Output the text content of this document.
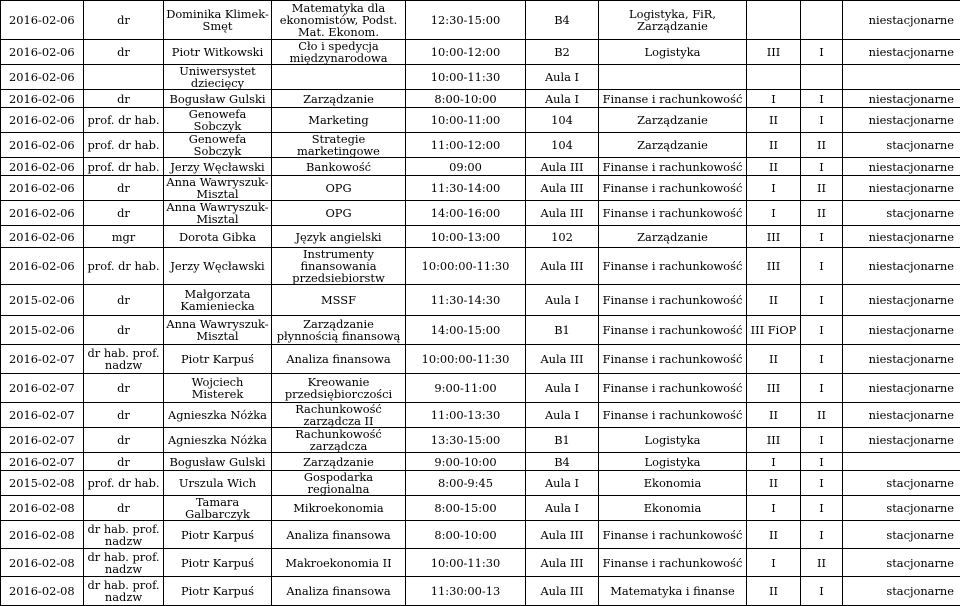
2016-02-06	dr	Dominika Klimek-Smęt	Matematyka dla ekonomistów, Podst. Mat. Ekonom.	12:30-15:00	B4	Logistyka, FiR, Zarządzanie			niestacjonarne
2016-02-06	dr	Piotr Witkowski	Cło i spedycja międzynarodowa	10:00-12:00	B2	Logistyka	III	I	niestacjonarne
2016-02-06		Uniwersystet dziecięcy		10:00-11:30	Aula I				
2016-02-06	dr	Bogusław Gulski	Zarządzanie	8:00-10:00	Aula I	Finanse i rachunkowość	I	I	niestacjonarne
2016-02-06	prof. dr hab.	Genowefa Sobczyk	Marketing	10:00-11:00	104	Zarządzanie	II	I	niestacjonarne
2016-02-06	prof. dr hab.	Genowefa Sobczyk	Strategie marketingowe	11:00-12:00	104	Zarządzanie	II	II	stacjonarne
2016-02-06	prof. dr hab.	Jerzy Węcławski	Bankowość	09:00	Aula III	Finanse i rachunkowość	II	I	niestacjonarne
2016-02-06	dr	Anna Wawryszuk-Misztal	OPG	11:30-14:00	Aula III	Finanse i rachunkowość	I	II	niestacjonarne
2016-02-06	dr	Anna Wawryszuk-Misztal	OPG	14:00-16:00	Aula III	Finanse i rachunkowość	I	II	stacjonarne
2016-02-06	mgr	Dorota Gibka	Język angielski	10:00-13:00	102	Zarządzanie	III	I	niestacjonarne
2016-02-06	prof. dr hab.	Jerzy Węcławski	Instrumenty finansowania przedsiebiorstw	10:00:00-11:30	Aula III	Finanse i rachunkowość	III	I	niestacjonarne
2015-02-06	dr	Małgorzata Kamieniecka	MSSF	11:30-14:30	Aula I	Finanse i rachunkowość	II	I	niestacjonarne
2015-02-06	dr	Anna Wawryszuk-Misztal	Zarządzanie płynnością finansową	14:00-15:00	B1	Finanse i rachunkowość	III FiOP	I	niestacjonarne
2016-02-07	dr hab. prof. nadzw	Piotr Karpuś	Analiza finansowa	10:00:00-11:30	Aula III	Finanse i rachunkowość	II	I	niestacjonarne
2016-02-07	dr	Wojciech Misterek	Kreowanie przedsiębiorczości	9:00-11:00	Aula I	Finanse i rachunkowość	III	I	niestacjonarne
2016-02-07	dr	Agnieszka Nóżka	Rachunkowość zarządcza II	11:00-13:30	Aula I	Finanse i rachunkowość	II	II	niestacjonarne
2016-02-07	dr	Agnieszka Nóżka	Rachunkowość zarządcza	13:30-15:00	B1	Logistyka	III	I	niestacjonarne
2016-02-07	dr	Bogusław Gulski	Zarządzanie	9:00-10:00	B4	Logistyka	I	I	
2015-02-08	prof. dr hab.	Urszula Wich	Gospodarka regionalna	8:00-9:45	Aula I	Ekonomia	II	I	stacjonarne
2016-02-08	dr	Tamara Galbarczyk	Mikroekonomia	8:00-15:00	Aula I	Ekonomia	I	I	stacjonarne
2016-02-08	dr hab. prof. nadzw	Piotr Karpuś	Analiza finansowa	8:00-10:00	Aula III	Finanse i rachunkowość	II	I	stacjonarne
2016-02-08	dr hab. prof. nadzw	Piotr Karpuś	Makroekonomia II	10:00-11:30	Aula III	Finanse i rachunkowość	I	II	stacjonarne
2016-02-08	dr hab. prof. nadzw	Piotr Karpuś	Analiza finansowa	11:30:00-13	Aula III	Matematyka i finanse	II	I	stacjonarne
